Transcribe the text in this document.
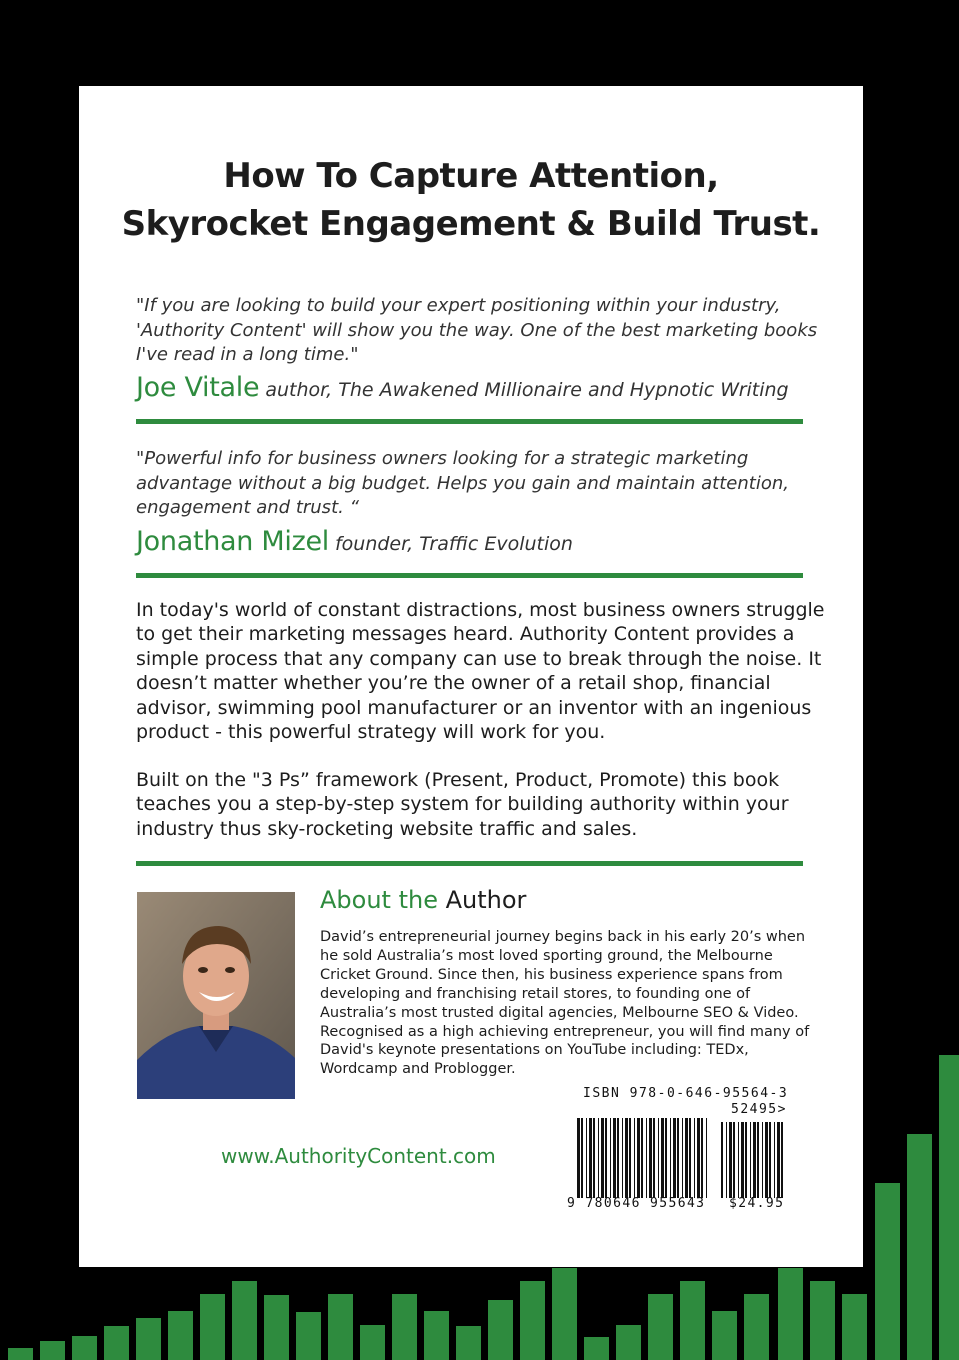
How To Capture Attention,
Skyrocket Engagement & Build Trust.
"If you are looking to build your expert positioning within your industry,
'Authority Content' will show you the way. One of the best marketing books
I've read in a long time."
Joe Vitale author, The Awakened Millionaire and Hypnotic Writing
"Powerful info for business owners looking for a strategic marketing
advantage without a big budget. Helps you gain and maintain attention,
engagement and trust. “
Jonathan Mizel founder, Traffic Evolution
In today's world of constant distractions, most business owners struggle
to get their marketing messages heard. Authority Content provides a
simple process that any company can use to break through the noise. It
doesn’t matter whether you’re the owner of a retail shop, financial
advisor, swimming pool manufacturer or an inventor with an ingenious
product - this powerful strategy will work for you.
Built on the "3 Ps” framework (Present, Product, Promote) this book
teaches you a step-by-step system for building authority within your
industry thus sky-rocketing website traffic and sales.
About the Author
David’s entrepreneurial journey begins back in his early 20’s when
he sold Australia’s most loved sporting ground, the Melbourne
Cricket Ground. Since then, his business experience spans from
developing and franchising retail stores, to founding one of
Australia’s most trusted digital agencies, Melbourne SEO & Video.
Recognised as a high achieving entrepreneur, you will find many of
David's keynote presentations on YouTube including: TEDx,
Wordcamp and Problogger.
www.AuthorityContent.com
ISBN 978-0-646-95564-3
52495>
9 780646 955643 $24.95
